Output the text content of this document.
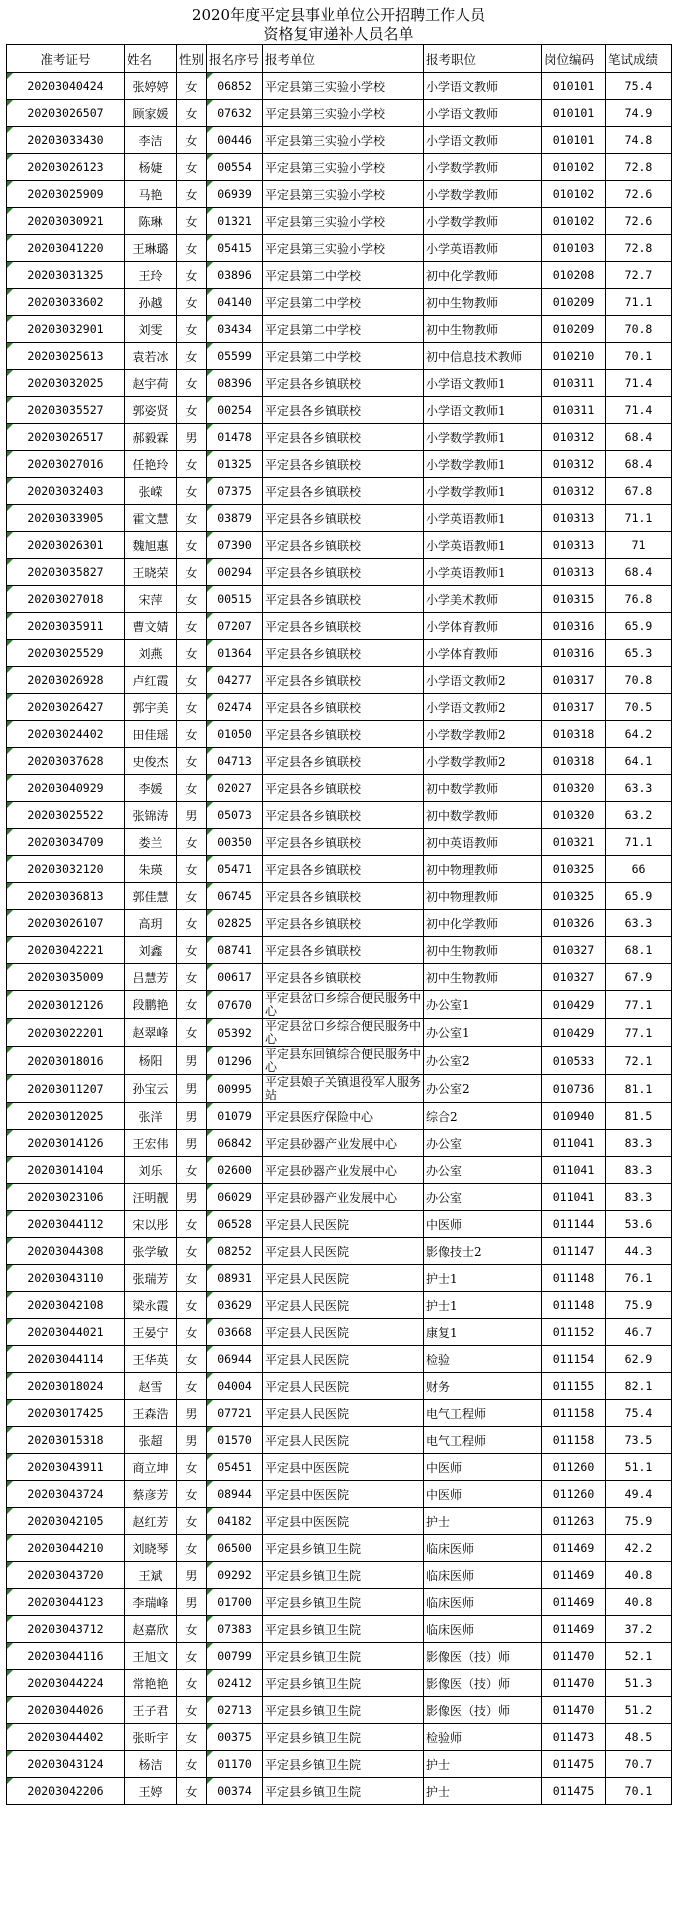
2020年度平定县事业单位公开招聘工作人员
资格复审递补人员名单
准考证号	姓名	性别	报名序号	报考单位	报考职位	岗位编码	笔试成绩
20203040424	张婷婷	女	06852	平定县第三实验小学校	小学语文教师	010101	75.4
20203026507	顾家媛	女	07632	平定县第三实验小学校	小学语文教师	010101	74.9
20203033430	李洁	女	00446	平定县第三实验小学校	小学语文教师	010101	74.8
20203026123	杨婕	女	00554	平定县第三实验小学校	小学数学教师	010102	72.8
20203025909	马艳	女	06939	平定县第三实验小学校	小学数学教师	010102	72.6
20203030921	陈琳	女	01321	平定县第三实验小学校	小学数学教师	010102	72.6
20203041220	王琳璐	女	05415	平定县第三实验小学校	小学英语教师	010103	72.8
20203031325	王玲	女	03896	平定县第二中学校	初中化学教师	010208	72.7
20203033602	孙越	女	04140	平定县第二中学校	初中生物教师	010209	71.1
20203032901	刘雯	女	03434	平定县第二中学校	初中生物教师	010209	70.8
20203025613	袁若冰	女	05599	平定县第二中学校	初中信息技术教师	010210	70.1
20203032025	赵宇荷	女	08396	平定县各乡镇联校	小学语文教师1	010311	71.4
20203035527	郭姿贤	女	00254	平定县各乡镇联校	小学语文教师1	010311	71.4
20203026517	郝毅霖	男	01478	平定县各乡镇联校	小学数学教师1	010312	68.4
20203027016	任艳玲	女	01325	平定县各乡镇联校	小学数学教师1	010312	68.4
20203032403	张嵘	女	07375	平定县各乡镇联校	小学数学教师1	010312	67.8
20203033905	霍文慧	女	03879	平定县各乡镇联校	小学英语教师1	010313	71.1
20203026301	魏旭惠	女	07390	平定县各乡镇联校	小学英语教师1	010313	71
20203035827	王晓荣	女	00294	平定县各乡镇联校	小学英语教师1	010313	68.4
20203027018	宋萍	女	00515	平定县各乡镇联校	小学美术教师	010315	76.8
20203035911	曹文婧	女	07207	平定县各乡镇联校	小学体育教师	010316	65.9
20203025529	刘燕	女	01364	平定县各乡镇联校	小学体育教师	010316	65.3
20203026928	卢红霞	女	04277	平定县各乡镇联校	小学语文教师2	010317	70.8
20203026427	郭宇美	女	02474	平定县各乡镇联校	小学语文教师2	010317	70.5
20203024402	田佳瑶	女	01050	平定县各乡镇联校	小学数学教师2	010318	64.2
20203037628	史俊杰	女	04713	平定县各乡镇联校	小学数学教师2	010318	64.1
20203040929	李媛	女	02027	平定县各乡镇联校	初中数学教师	010320	63.3
20203025522	张锦涛	男	05073	平定县各乡镇联校	初中数学教师	010320	63.2
20203034709	娄兰	女	00350	平定县各乡镇联校	初中英语教师	010321	71.1
20203032120	朱瑛	女	05471	平定县各乡镇联校	初中物理教师	010325	66
20203036813	郭佳慧	女	06745	平定县各乡镇联校	初中物理教师	010325	65.9
20203026107	高玥	女	02825	平定县各乡镇联校	初中化学教师	010326	63.3
20203042221	刘鑫	女	08741	平定县各乡镇联校	初中生物教师	010327	68.1
20203035009	吕慧芳	女	00617	平定县各乡镇联校	初中生物教师	010327	67.9
20203012126	段鹏艳	女	07670	平定县岔口乡综合便民服务中心	办公室1	010429	77.1
20203022201	赵翠峰	女	05392	平定县岔口乡综合便民服务中心	办公室1	010429	77.1
20203018016	杨阳	男	01296	平定县东回镇综合便民服务中心	办公室2	010533	72.1
20203011207	孙宝云	男	00995	平定县娘子关镇退役军人服务站	办公室2	010736	81.1
20203012025	张洋	男	01079	平定县医疗保险中心	综合2	010940	81.5
20203014126	王宏伟	男	06842	平定县砂器产业发展中心	办公室	011041	83.3
20203014104	刘乐	女	02600	平定县砂器产业发展中心	办公室	011041	83.3
20203023106	汪明靓	男	06029	平定县砂器产业发展中心	办公室	011041	83.3
20203044112	宋以彤	女	06528	平定县人民医院	中医师	011144	53.6
20203044308	张学敏	女	08252	平定县人民医院	影像技士2	011147	44.3
20203043110	张瑞芳	女	08931	平定县人民医院	护士1	011148	76.1
20203042108	梁永霞	女	03629	平定县人民医院	护士1	011148	75.9
20203044021	王晏宁	女	03668	平定县人民医院	康复1	011152	46.7
20203044114	王华英	女	06944	平定县人民医院	检验	011154	62.9
20203018024	赵雪	女	04004	平定县人民医院	财务	011155	82.1
20203017425	王森浩	男	07721	平定县人民医院	电气工程师	011158	75.4
20203015318	张超	男	01570	平定县人民医院	电气工程师	011158	73.5
20203043911	商立坤	女	05451	平定县中医医院	中医师	011260	51.1
20203043724	蔡彦芳	女	08944	平定县中医医院	中医师	011260	49.4
20203042105	赵红芳	女	04182	平定县中医医院	护士	011263	75.9
20203044210	刘晓琴	女	06500	平定县乡镇卫生院	临床医师	011469	42.2
20203043720	王斌	男	09292	平定县乡镇卫生院	临床医师	011469	40.8
20203044123	李瑞峰	男	01700	平定县乡镇卫生院	临床医师	011469	40.8
20203043712	赵嘉欣	女	07383	平定县乡镇卫生院	临床医师	011469	37.2
20203044116	王旭文	女	00799	平定县乡镇卫生院	影像医（技）师	011470	52.1
20203044224	常艳艳	女	02412	平定县乡镇卫生院	影像医（技）师	011470	51.3
20203044026	王子君	女	02713	平定县乡镇卫生院	影像医（技）师	011470	51.2
20203044402	张昕宇	女	00375	平定县乡镇卫生院	检验师	011473	48.5
20203043124	杨洁	女	01170	平定县乡镇卫生院	护士	011475	70.7
20203042206	王婷	女	00374	平定县乡镇卫生院	护士	011475	70.1
